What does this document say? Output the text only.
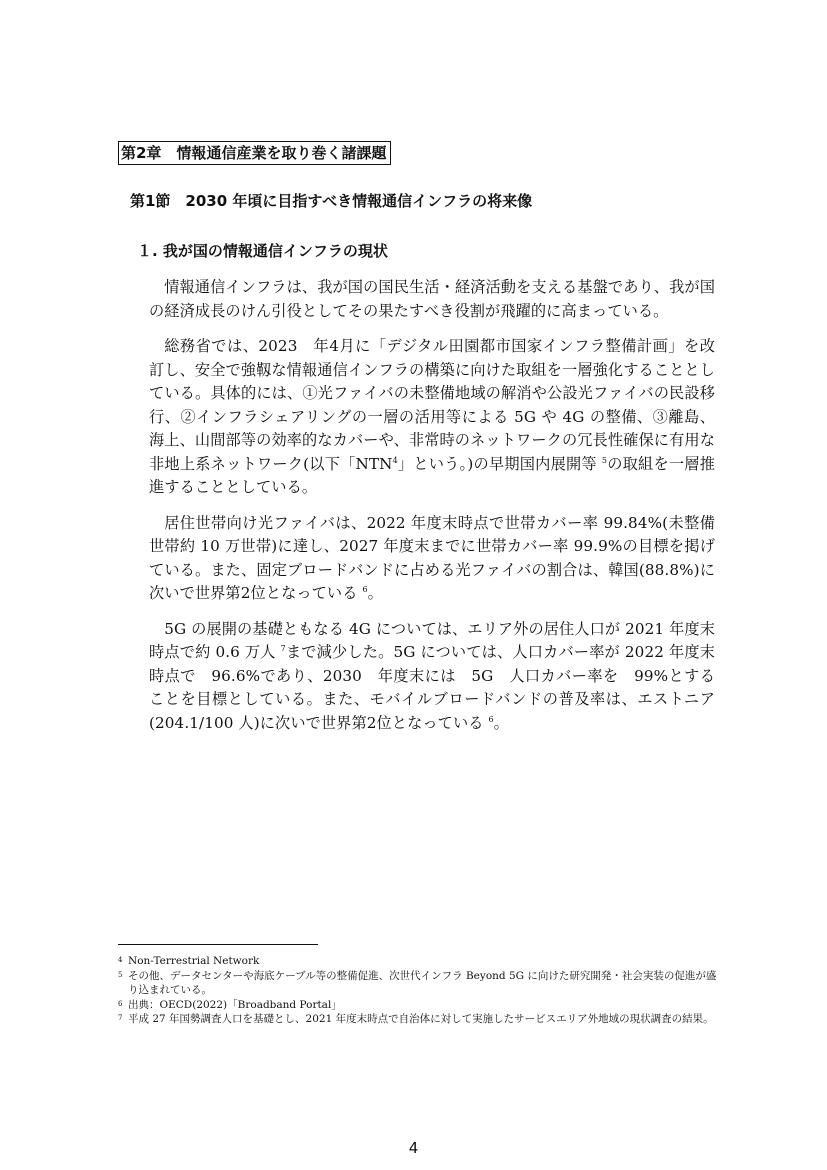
第2章　情報通信産業を取り巻く諸課題
第1節　2030 年頃に目指すべき情報通信インフラの将来像
１. 我が国の情報通信インフラの現状

情報通信インフラは、我が国の国民生活・経済活動を支える基盤であり、我が国の経済成長のけん引役としてその果たすべき役割が飛躍的に高まっている。

総務省では、2023　年4月に「デジタル田園都市国家インフラ整備計画」を改訂し、安全で強靱な情報通信インフラの構築に向けた取組を一層強化することとしている。具体的には、①光ファイバの未整備地域の解消や公設光ファイバの民設移行、②インフラシェアリングの一層の活用等による 5G や 4G の整備、③離島、海上、山間部等の効率的なカバーや、非常時のネットワークの冗長性確保に有用な非地上系ネットワーク(以下「NTN$^4$」という。)の早期国内展開等 $^5$の取組を一層推進することとしている。

居住世帯向け光ファイバは、2022 年度末時点で世帯カバー率 99.84%(未整備世帯約 10 万世帯)に達し、2027 年度末までに世帯カバー率 99.9%の目標を掲げている。また、固定ブロードバンドに占める光ファイバの割合は、韓国(88.8%)に次いで世界第2位となっている $^6$。

5G の展開の基礎ともなる 4G については、エリア外の居住人口が 2021 年度末時点で約 0.6 万人 $^7$まで減少した。5G については、人口カバー率が 2022 年度末時点で　96.6%であり、2030　年度末には　5G　人口カバー率を　99%とすることを目標としている。また、モバイルブロードバンドの普及率は、エストニア(204.1/100 人)に次いで世界第2位となっている $^6$。

4 Non-Terrestrial Network
5 その他、データセンターや海底ケーブル等の整備促進、次世代インフラ Beyond 5G に向けた研究開発・社会実装の促進が盛り込まれている。
6 出典：OECD(2022)「Broadband Portal」
7 平成 27 年国勢調査人口を基礎とし、2021 年度末時点で自治体に対して実施したサービスエリア外地域の現状調査の結果。
4
